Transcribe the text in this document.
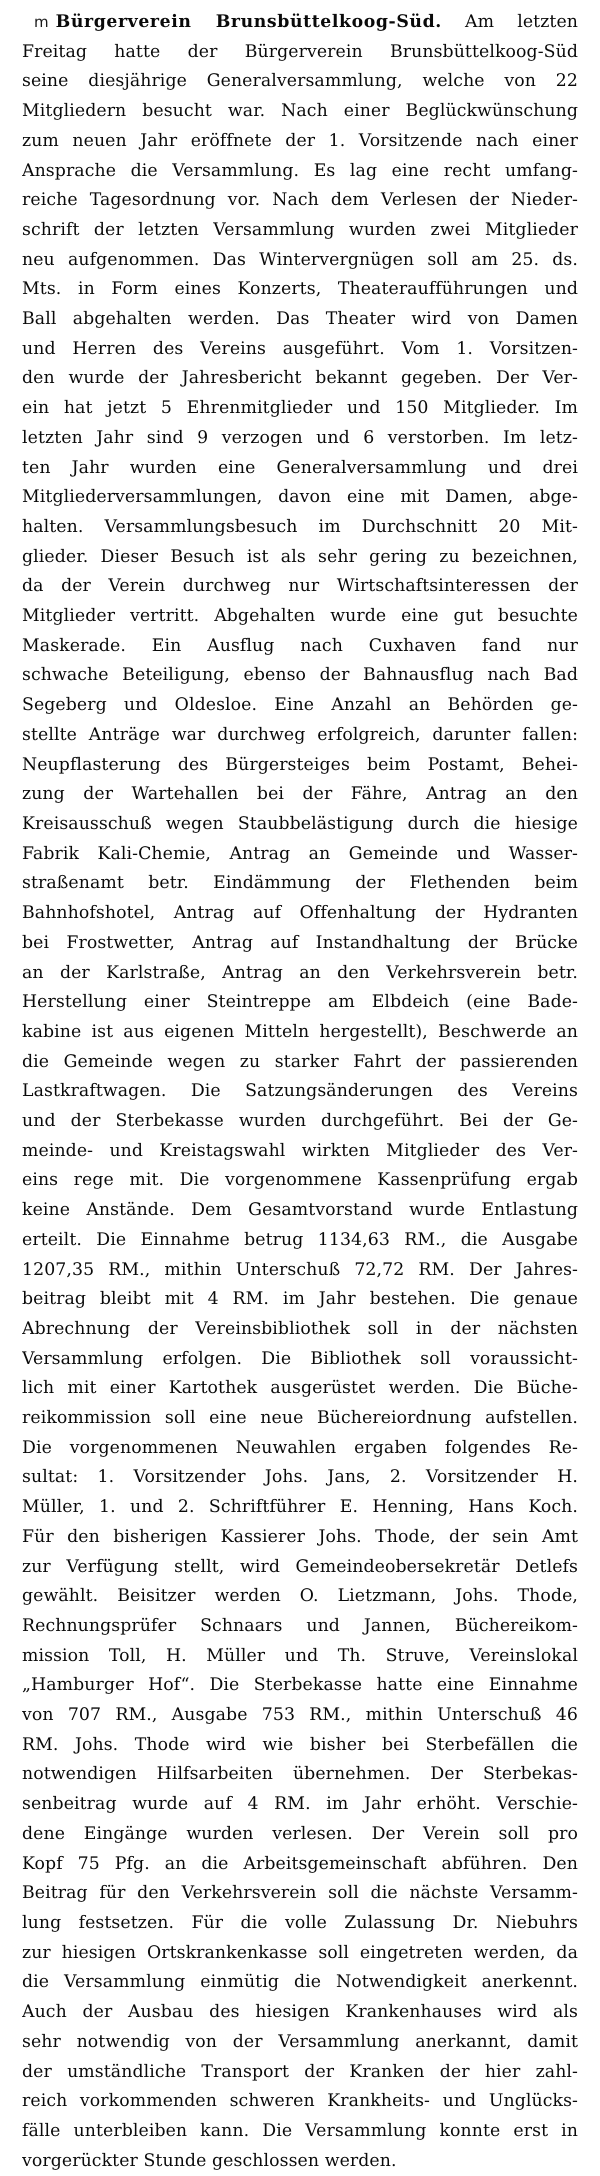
m Bürgerverein Brunsbüttelkoog-Süd. Am letzten
Freitag hatte der Bürgerverein Brunsbüttelkoog-Süd
seine diesjährige Generalversammlung, welche von 22
Mitgliedern besucht war. Nach einer Beglückwünschung
zum neuen Jahr eröffnete der 1. Vorsitzende nach einer
Ansprache die Versammlung. Es lag eine recht umfang-
reiche Tagesordnung vor. Nach dem Verlesen der Nieder-
schrift der letzten Versammlung wurden zwei Mitglieder
neu aufgenommen. Das Wintervergnügen soll am 25. ds.
Mts. in Form eines Konzerts, Theateraufführungen und
Ball abgehalten werden. Das Theater wird von Damen
und Herren des Vereins ausgeführt. Vom 1. Vorsitzen-
den wurde der Jahresbericht bekannt gegeben. Der Ver-
ein hat jetzt 5 Ehrenmitglieder und 150 Mitglieder. Im
letzten Jahr sind 9 verzogen und 6 verstorben. Im letz-
ten Jahr wurden eine Generalversammlung und drei
Mitgliederversammlungen, davon eine mit Damen, abge-
halten. Versammlungsbesuch im Durchschnitt 20 Mit-
glieder. Dieser Besuch ist als sehr gering zu bezeichnen,
da der Verein durchweg nur Wirtschaftsinteressen der
Mitglieder vertritt. Abgehalten wurde eine gut besuchte
Maskerade. Ein Ausflug nach Cuxhaven fand nur
schwache Beteiligung, ebenso der Bahnausflug nach Bad
Segeberg und Oldesloe. Eine Anzahl an Behörden ge-
stellte Anträge war durchweg erfolgreich, darunter fallen:
Neupflasterung des Bürgersteiges beim Postamt, Behei-
zung der Wartehallen bei der Fähre, Antrag an den
Kreisausschuß wegen Staubbelästigung durch die hiesige
Fabrik Kali-Chemie, Antrag an Gemeinde und Wasser-
straßenamt betr. Eindämmung der Flethenden beim
Bahnhofshotel, Antrag auf Offenhaltung der Hydranten
bei Frostwetter, Antrag auf Instandhaltung der Brücke
an der Karlstraße, Antrag an den Verkehrsverein betr.
Herstellung einer Steintreppe am Elbdeich (eine Bade-
kabine ist aus eigenen Mitteln hergestellt), Beschwerde an
die Gemeinde wegen zu starker Fahrt der passierenden
Lastkraftwagen. Die Satzungsänderungen des Vereins
und der Sterbekasse wurden durchgeführt. Bei der Ge-
meinde- und Kreistagswahl wirkten Mitglieder des Ver-
eins rege mit. Die vorgenommene Kassenprüfung ergab
keine Anstände. Dem Gesamtvorstand wurde Entlastung
erteilt. Die Einnahme betrug 1134,63 RM., die Ausgabe
1207,35 RM., mithin Unterschuß 72,72 RM. Der Jahres-
beitrag bleibt mit 4 RM. im Jahr bestehen. Die genaue
Abrechnung der Vereinsbibliothek soll in der nächsten
Versammlung erfolgen. Die Bibliothek soll voraussicht-
lich mit einer Kartothek ausgerüstet werden. Die Büche-
reikommission soll eine neue Büchereiordnung aufstellen.
Die vorgenommenen Neuwahlen ergaben folgendes Re-
sultat: 1. Vorsitzender Johs. Jans, 2. Vorsitzender H.
Müller, 1. und 2. Schriftführer E. Henning, Hans Koch.
Für den bisherigen Kassierer Johs. Thode, der sein Amt
zur Verfügung stellt, wird Gemeindeobersekretär Detlefs
gewählt. Beisitzer werden O. Lietzmann, Johs. Thode,
Rechnungsprüfer Schnaars und Jannen, Büchereikom-
mission Toll, H. Müller und Th. Struve, Vereinslokal
„Hamburger Hof“. Die Sterbekasse hatte eine Einnahme
von 707 RM., Ausgabe 753 RM., mithin Unterschuß 46
RM. Johs. Thode wird wie bisher bei Sterbefällen die
notwendigen Hilfsarbeiten übernehmen. Der Sterbekas-
senbeitrag wurde auf 4 RM. im Jahr erhöht. Verschie-
dene Eingänge wurden verlesen. Der Verein soll pro
Kopf 75 Pfg. an die Arbeitsgemeinschaft abführen. Den
Beitrag für den Verkehrsverein soll die nächste Versamm-
lung festsetzen. Für die volle Zulassung Dr. Niebuhrs
zur hiesigen Ortskrankenkasse soll eingetreten werden, da
die Versammlung einmütig die Notwendigkeit anerkennt.
Auch der Ausbau des hiesigen Krankenhauses wird als
sehr notwendig von der Versammlung anerkannt, damit
der umständliche Transport der Kranken der hier zahl-
reich vorkommenden schweren Krankheits- und Unglücks-
fälle unterbleiben kann. Die Versammlung konnte erst in
vorgerückter Stunde geschlossen werden.
